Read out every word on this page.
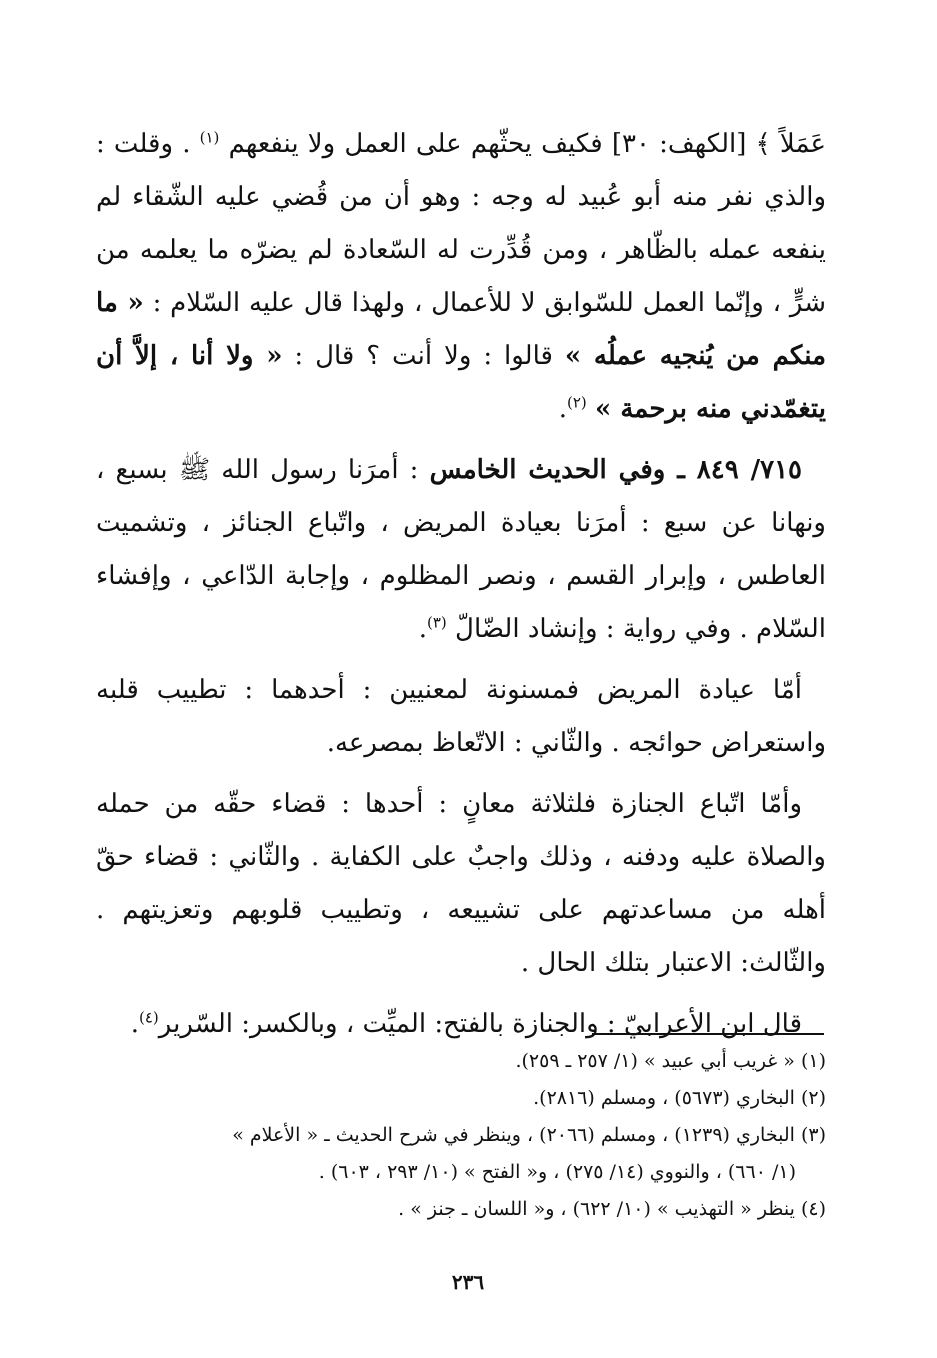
عَمَلاً ﴾ [الكهف: ٣٠] فكيف يحثّهم على العمل ولا ينفعهم $^{(١)}$ . وقلت : والذي نفر منه أبو عُبيد له وجه : وهو أن من قُضي عليه الشّقاء لم ينفعه عمله بالظّاهر ، ومن قُدِّرت له السّعادة لم يضرّه ما يعلمه من شرٍّ ، وإنّما العمل للسّوابق لا للأعمال ، ولهذا قال عليه السّلام : « ما منكم من يُنجيه عملُه » قالوا : ولا أنت ؟ قال : « ولا أنا ، إلاَّ أن يتغمّدني منه برحمة » $^{(٢)}$.

٧١٥/ ٨٤٩ ـ وفي الحديث الخامس : أمرَنا رسول الله ﷺ بسبع ، ونهانا عن سبع : أمرَنا بعيادة المريض ، واتّباع الجنائز ، وتشميت العاطس ، وإبرار القسم ، ونصر المظلوم ، وإجابة الدّاعي ، وإفشاء السّلام . وفي رواية : وإنشاد الضّالّ $^{(٣)}$.

أمّا عيادة المريض فمسنونة لمعنيين : أحدهما : تطييب قلبه واستعراض حوائجه . والثّاني : الاتّعاظ بمصرعه.

وأمّا اتّباع الجنازة فلثلاثة معانٍ : أحدها : قضاء حقّه من حمله والصلاة عليه ودفنه ، وذلك واجبٌ على الكفاية . والثّاني : قضاء حقّ أهله من مساعدتهم على تشييعه ، وتطييب قلوبهم وتعزيتهم . والثّالث: الاعتبار بتلك الحال .

قال ابن الأعرابيّ : والجنازة بالفتح: الميِّت ، وبالكسر: السّرير$^{(٤)}$.

(١) « غريب أبي عبيد » (١/ ٢٥٧ ـ ٢٥٩).

(٢) البخاري (٥٦٧٣) ، ومسلم (٢٨١٦).

(٣) البخاري (١٢٣٩) ، ومسلم (٢٠٦٦) ، وينظر في شرح الحديث ـ « الأعلام »

(١/ ٦٦٠) ، والنووي (١٤/ ٢٧٥) ، و« الفتح » (١٠/ ٢٩٣ ، ٦٠٣) .

(٤) ينظر « التهذيب » (١٠/ ٦٢٢) ، و« اللسان ـ جنز » .

٢٣٦
